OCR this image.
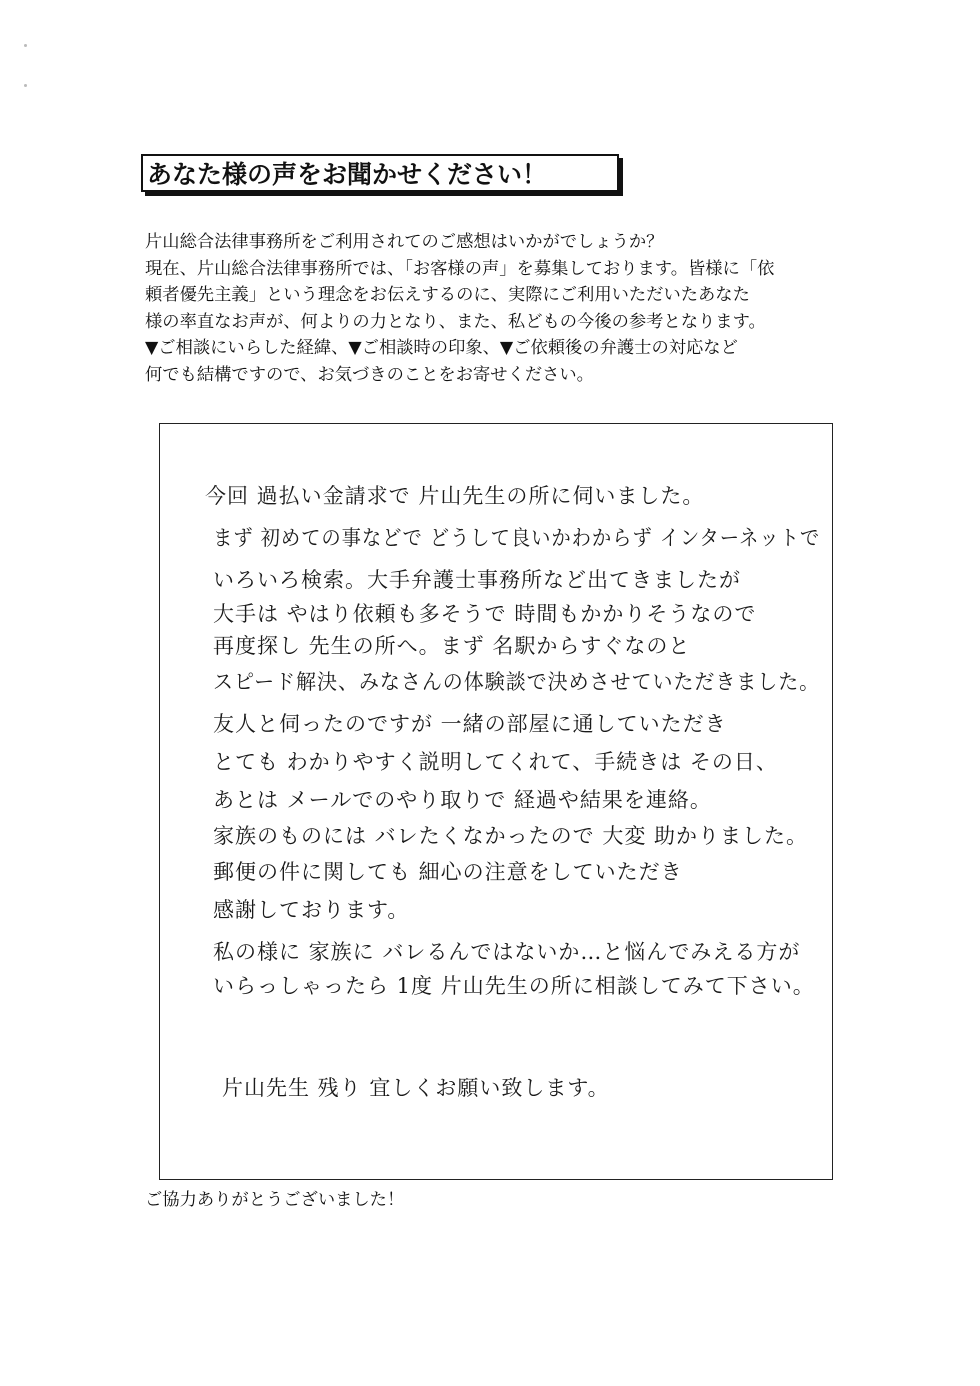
あなた様の声をお聞かせください！
片山総合法律事務所をご利用されてのご感想はいかがでしょうか？
現在、片山総合法律事務所では、「お客様の声」を募集しております。皆様に「依
頼者優先主義」という理念をお伝えするのに、実際にご利用いただいたあなた
様の率直なお声が、何よりの力となり、また、私どもの今後の参考となります。
▼ご相談にいらした経緯、▼ご相談時の印象、▼ご依頼後の弁護士の対応など
何でも結構ですので、お気づきのことをお寄せください。
今回 過払い金請求で 片山先生の所に伺いました。
まず 初めての事などで どうして良いかわからず インターネットで
いろいろ検索。大手弁護士事務所など出てきましたが
大手は やはり依頼も多そうで 時間もかかりそうなので
再度探し 先生の所へ。まず 名駅からすぐなのと
スピード解決、みなさんの体験談で決めさせていただきました。
友人と伺ったのですが 一緒の部屋に通していただき
とても わかりやすく説明してくれて、手続きは その日、
あとは メールでのやり取りで 経過や結果を連絡。
家族のものには バレたくなかったので 大変 助かりました。
郵便の件に関しても 細心の注意をしていただき
感謝しております。
私の様に 家族に バレるんではないか…と悩んでみえる方が
いらっしゃったら 1度 片山先生の所に相談してみて下さい。
片山先生 残り 宜しくお願い致します。
ご協力ありがとうございました！
